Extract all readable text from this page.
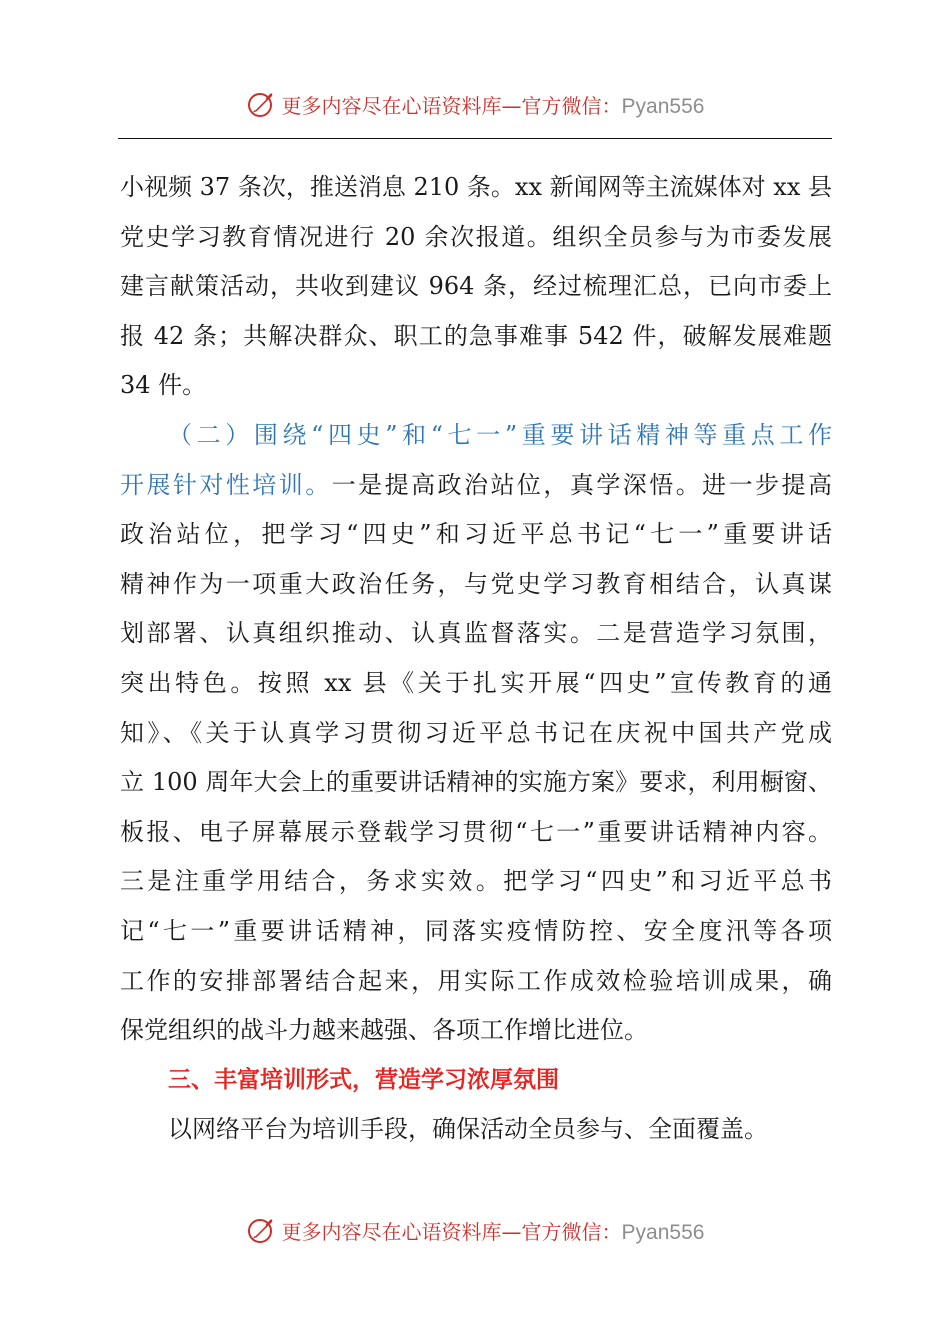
更多内容尽在心语资料库—官方微信：Pyan556
小视频 37 条次，推送消息 210 条。xx 新闻网等主流媒体对 xx 县
党史学习教育情况进行 20 余次报道。组织全员参与为市委发展
建言献策活动，共收到建议 964 条，经过梳理汇总，已向市委上
报 42 条；共解决群众、职工的急事难事 542 件，破解发展难题
34 件。
（二）围绕“四史”和“七一”重要讲话精神等重点工作
开展针对性培训。一是提高政治站位，真学深悟。进一步提高
政治站位，把学习“四史”和习近平总书记“七一”重要讲话
精神作为一项重大政治任务，与党史学习教育相结合，认真谋
划部署、认真组织推动、认真监督落实。二是营造学习氛围，
突出特色。按照 xx 县《关于扎实开展“四史”宣传教育的通
知》、《关于认真学习贯彻习近平总书记在庆祝中国共产党成
立 100 周年大会上的重要讲话精神的实施方案》要求，利用橱窗、
板报、电子屏幕展示登载学习贯彻“七一”重要讲话精神内容。
三是注重学用结合，务求实效。把学习“四史”和习近平总书
记“七一”重要讲话精神，同落实疫情防控、安全度汛等各项
工作的安排部署结合起来，用实际工作成效检验培训成果，确
保党组织的战斗力越来越强、各项工作增比进位。
三、丰富培训形式，营造学习浓厚氛围
以网络平台为培训手段，确保活动全员参与、全面覆盖。
更多内容尽在心语资料库—官方微信：Pyan556
